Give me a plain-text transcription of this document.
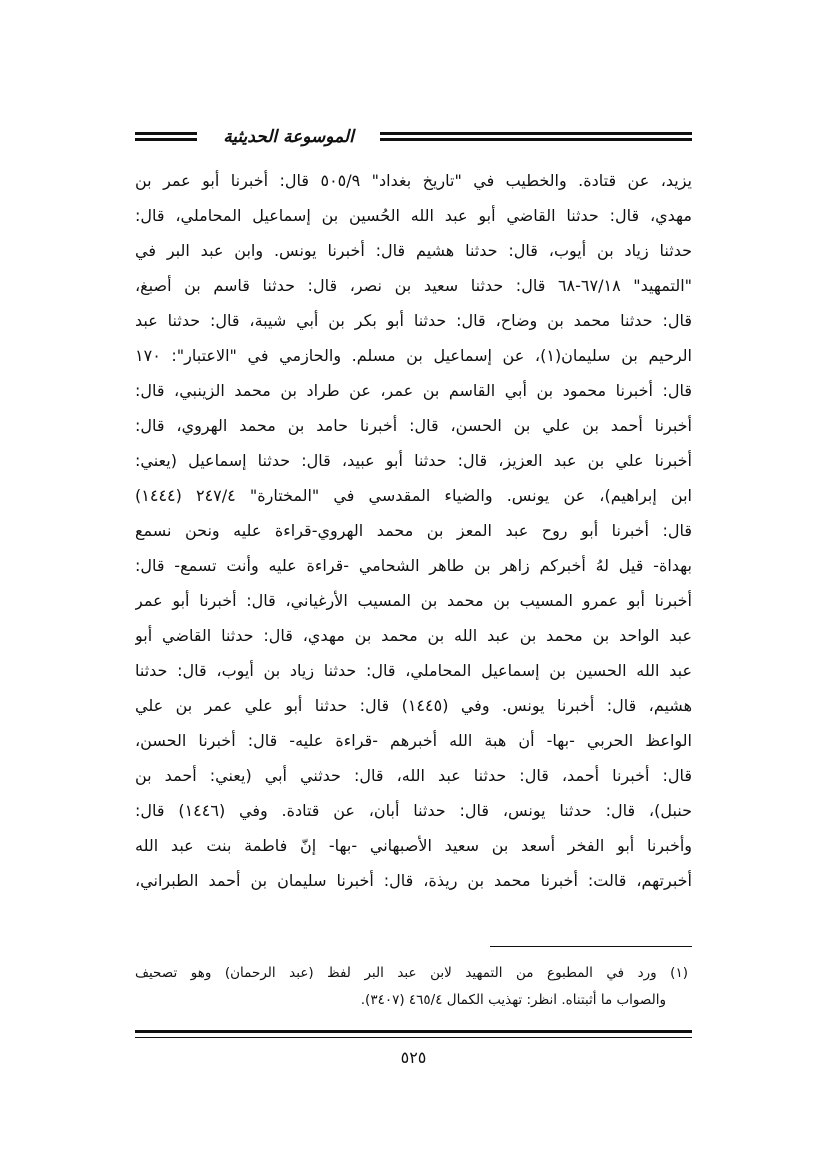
الموسوعة الحديثية
يزيد، عن قتادة. والخطيب في "تاريخ بغداد" ٥٠٥/٩ قال: أخبرنا أبو عمر بن
مهدي، قال: حدثنا القاضي أبو عبد الله الحُسين بن إسماعيل المحاملي، قال:
حدثنا زياد بن أيوب، قال: حدثنا هشيم قال: أخبرنا يونس. وابن عبد البر في
"التمهيد" ٦٧/١٨-٦٨ قال: حدثنا سعيد بن نصر، قال: حدثنا قاسم بن أصبغ،
قال: حدثنا محمد بن وضاح، قال: حدثنا أبو بكر بن أبي شيبة، قال: حدثنا عبد
الرحيم بن سليمان(١)، عن إسماعيل بن مسلم. والحازمي في "الاعتبار": ١٧٠
قال: أخبرنا محمود بن أبي القاسم بن عمر، عن طراد بن محمد الزينبي، قال:
أخبرنا أحمد بن علي بن الحسن، قال: أخبرنا حامد بن محمد الهروي، قال:
أخبرنا علي بن عبد العزيز، قال: حدثنا أبو عبيد، قال: حدثنا إسماعيل (يعني:
ابن إبراهيم)، عن يونس. والضياء المقدسي في "المختارة" ٢٤٧/٤ (١٤٤٤)
قال: أخبرنا أبو روح عبد المعز بن محمد الهروي-قراءة عليه ونحن نسمع
بهداة- قيل لهُ أخبركم زاهر بن طاهر الشحامي -قراءة عليه وأنت تسمع- قال:
أخبرنا أبو عمرو المسيب بن محمد بن المسيب الأرغياني، قال: أخبرنا أبو عمر
عبد الواحد بن محمد بن عبد الله بن محمد بن مهدي، قال: حدثنا القاضي أبو
عبد الله الحسين بن إسماعيل المحاملي، قال: حدثنا زياد بن أيوب، قال: حدثنا
هشيم، قال: أخبرنا يونس. وفي (١٤٤٥) قال: حدثنا أبو علي عمر بن علي
الواعظ الحربي -بها- أن هبة الله أخبرهم -قراءة عليه- قال: أخبرنا الحسن،
قال: أخبرنا أحمد، قال: حدثنا عبد الله، قال: حدثني أبي (يعني: أحمد بن
حنبل)، قال: حدثنا يونس، قال: حدثنا أبان، عن قتادة. وفي (١٤٤٦) قال:
وأخبرنا أبو الفخر أسعد بن سعيد الأصبهاني -بها- إنّ فاطمة بنت عبد الله
أخبرتهم، قالت: أخبرنا محمد بن ريذة، قال: أخبرنا سليمان بن أحمد الطبراني،
(١) ورد في المطبوع من التمهيد لابن عبد البر لفظ (عبد الرحمان) وهو تصحيف
والصواب ما أثبتناه. انظر: تهذيب الكمال ٤٦٥/٤ (٣٤٠٧).
٥٢٥
